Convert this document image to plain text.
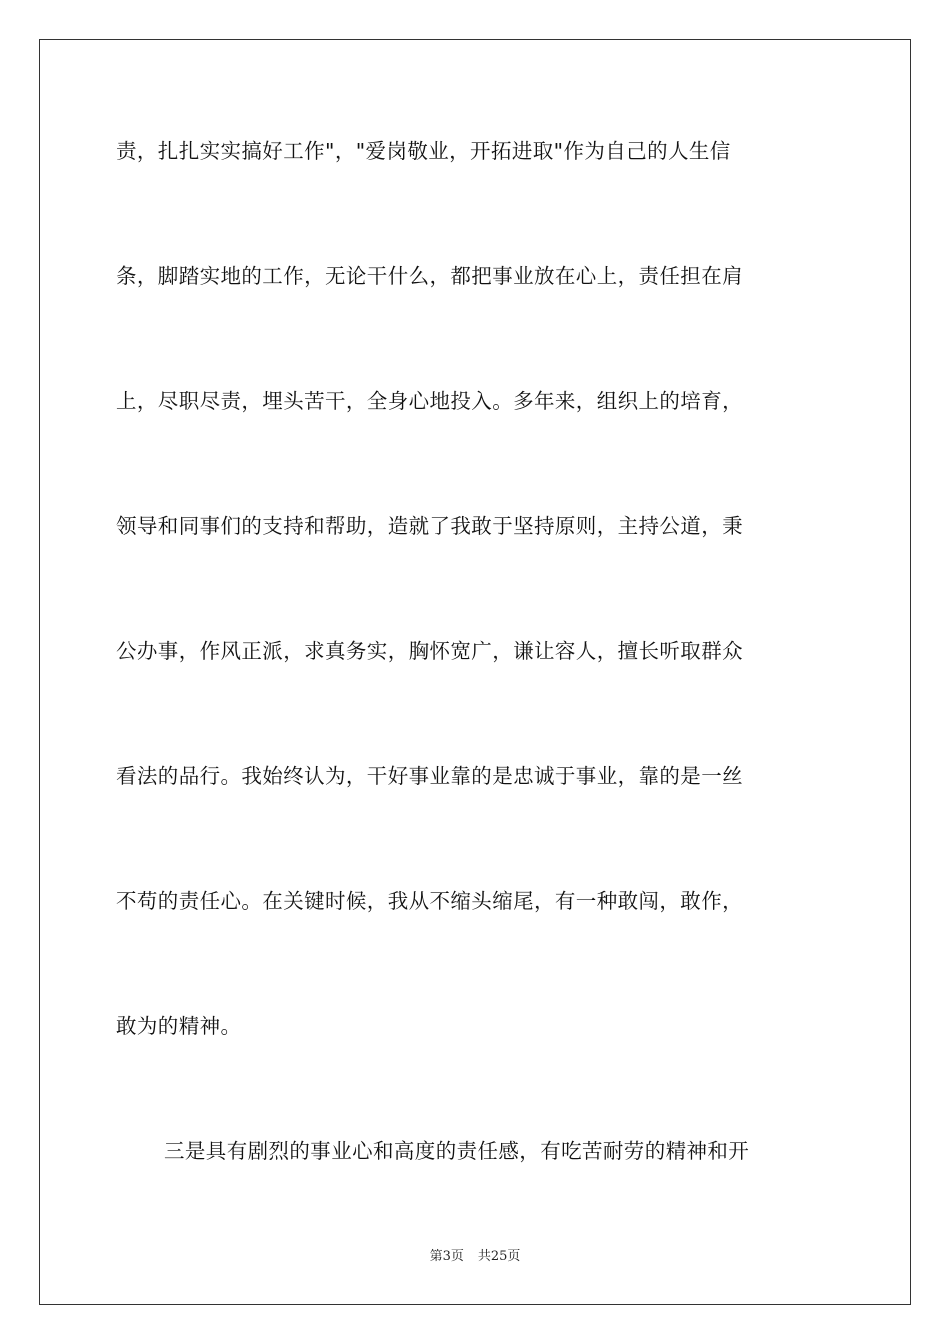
责，扎扎实实搞好工作"，"爱岗敬业，开拓进取"作为自己的人生信
条，脚踏实地的工作，无论干什么，都把事业放在心上，责任担在肩
上，尽职尽责，埋头苦干，全身心地投入。多年来，组织上的培育，
领导和同事们的支持和帮助，造就了我敢于坚持原则，主持公道，秉
公办事，作风正派，求真务实，胸怀宽广，谦让容人，擅长听取群众
看法的品行。我始终认为，干好事业靠的是忠诚于事业，靠的是一丝
不苟的责任心。在关键时候，我从不缩头缩尾，有一种敢闯，敢作，
敢为的精神。
三是具有剧烈的事业心和高度的责任感，有吃苦耐劳的精神和开
第3页 共25页
